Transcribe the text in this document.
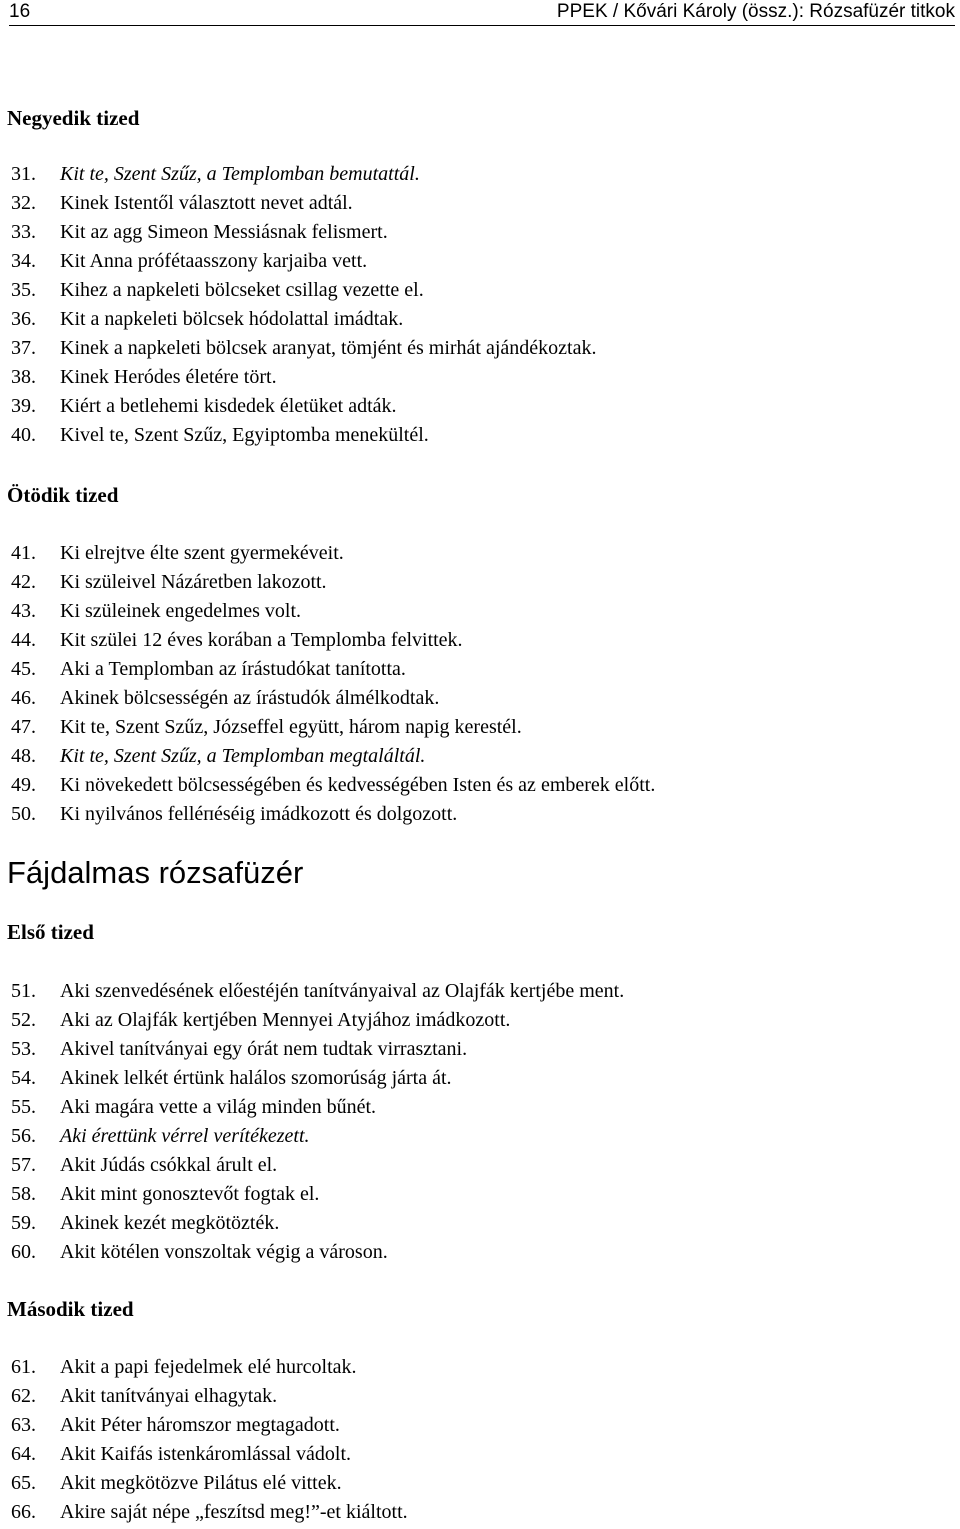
16	PPEK / Kővári Károly (össz.): Rózsafüzér titkok
Negyedik tized
31. Kit te, Szent Szűz, a Templomban bemutattál.
32. Kinek Istentől választott nevet adtál.
33. Kit az agg Simeon Messiásnak felismert.
34. Kit Anna prófétaasszony karjaiba vett.
35. Kihez a napkeleti bölcseket csillag vezette el.
36. Kit a napkeleti bölcsek hódolattal imádtak.
37. Kinek a napkeleti bölcsek aranyat, tömjént és mirhát ajándékoztak.
38. Kinek Heródes életére tört.
39. Kiért a betlehemi kisdedek életüket adták.
40. Kivel te, Szent Szűz, Egyiptomba menekültél.
Ötödik tized
41. Ki elrejtve élte szent gyermekéveit.
42. Ki szüleivel Názáretben lakozott.
43. Ki szüleinek engedelmes volt.
44. Kit szülei 12 éves korában a Templomba felvittek.
45. Aki a Templomban az írástudókat tanította.
46. Akinek bölcsességén az írástudók álmélkodtak.
47. Kit te, Szent Szűz, Józseffel együtt, három napig kerestél.
48. Kit te, Szent Szűz, a Templomban megtaláltál.
49. Ki növekedett bölcsességében és kedvességében Isten és az emberek előtt.
50. Ki nyilvános felléпéséig imádkozott és dolgozott.
Fájdalmas rózsafüzér
Első tized
51. Aki szenvedésének előestéjén tanítványaival az Olajfák kertjébe ment.
52. Aki az Olajfák kertjében Mennyei Atyjához imádkozott.
53. Akivel tanítványai egy órát nem tudtak virrasztani.
54. Akinek lelkét értünk halálos szomorúság járta át.
55. Aki magára vette a világ minden bűnét.
56. Aki érettünk vérrel verítékezett.
57. Akit Júdás csókkal árult el.
58. Akit mint gonosztevőt fogtak el.
59. Akinek kezét megkötözték.
60. Akit kötélen vonszoltak végig a városon.
Második tized
61. Akit a papi fejedelmek elé hurcoltak.
62. Akit tanítványai elhagytak.
63. Akit Péter háromszor megtagadott.
64. Akit Kaifás istenkáromlással vádolt.
65. Akit megkötözve Pilátus elé vittek.
66. Akire saját népe „feszítsd meg!”-et kiáltott.
